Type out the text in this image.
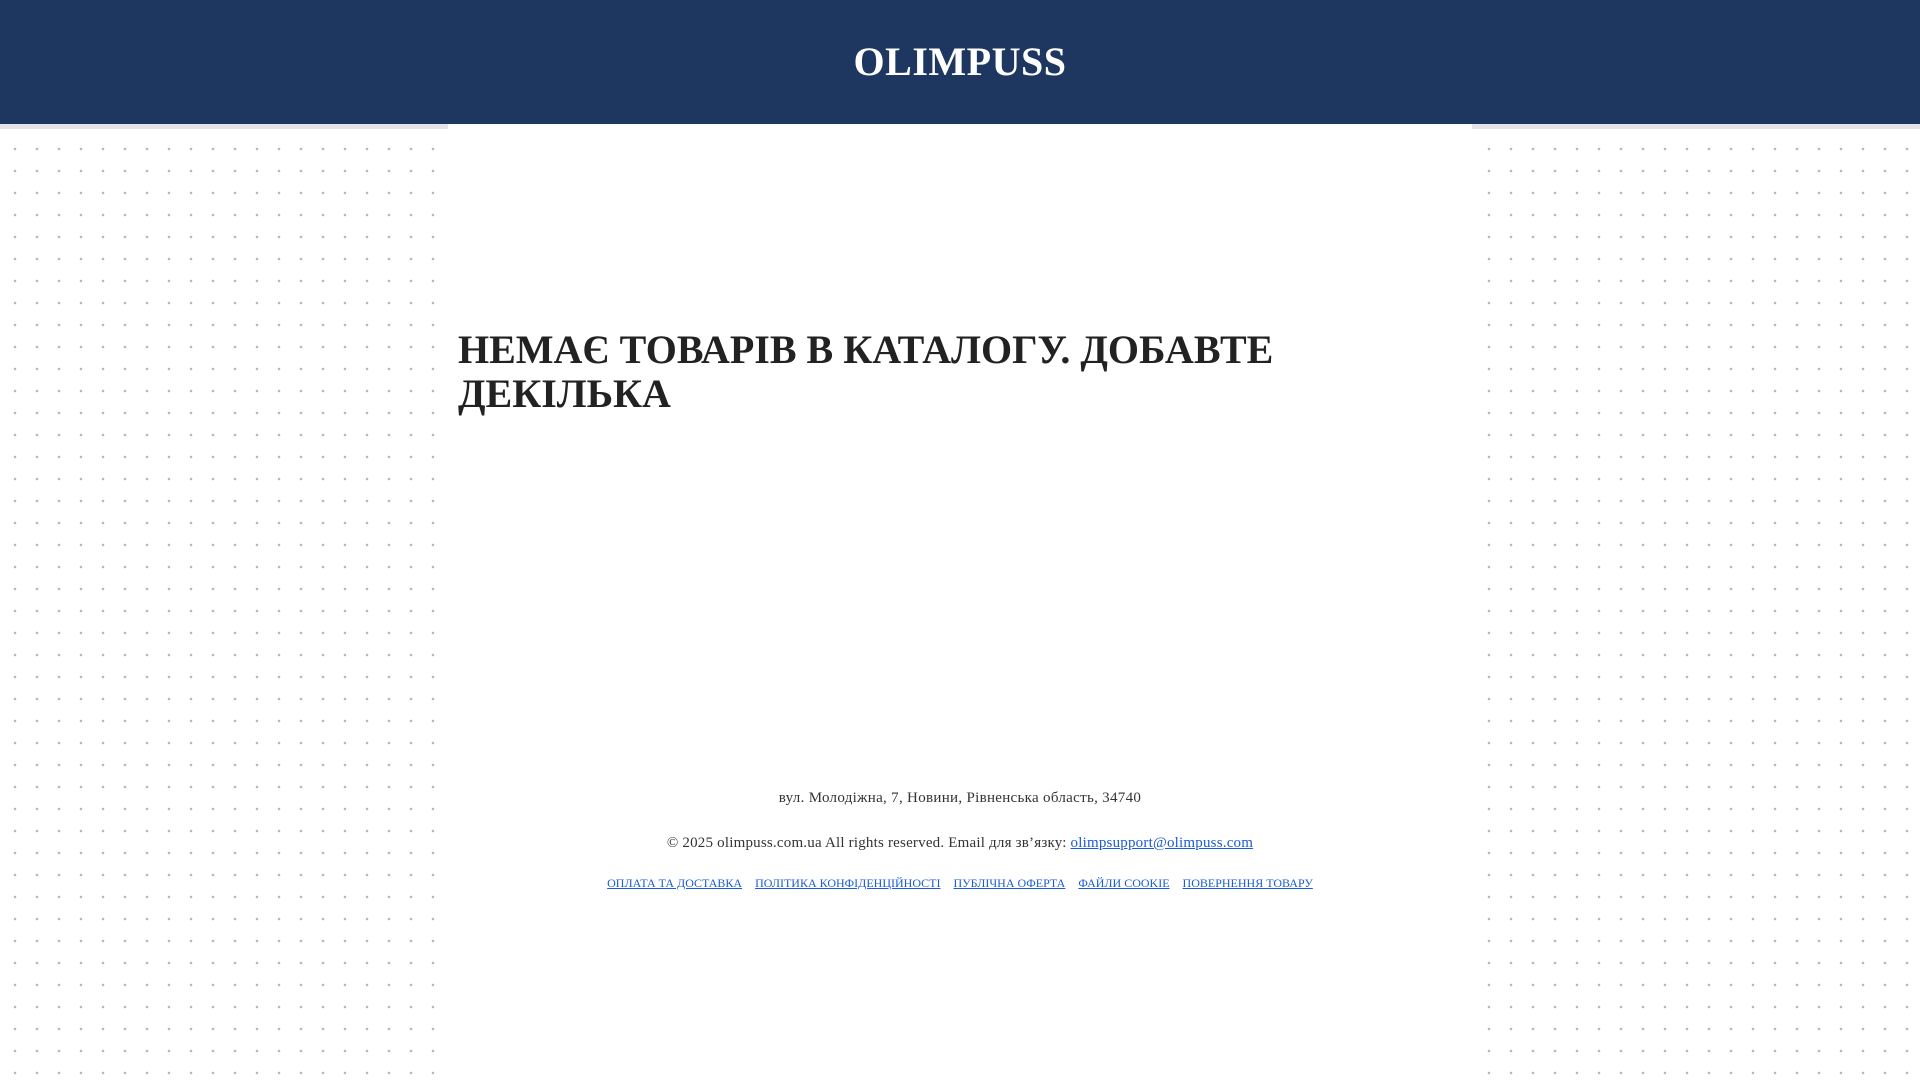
OLIMPUSS
НЕМАЄ ТОВАРІВ В КАТАЛОГУ. ДОБАВТЕ ДЕКІЛЬКА

вул. Молодіжна, 7, Новини, Рівненська область, 34740

© 2025 olimpuss.com.ua All rights reserved. Email для зв’язку: olimpsupport@olimpuss.com

ОПЛАТА ТА ДОСТАВКА ПОЛІТИКА КОНФІДЕНЦІЙНОСТІ ПУБЛІЧНА ОФЕРТА ФАЙЛИ COOKIE ПОВЕРНЕННЯ ТОВАРУ
